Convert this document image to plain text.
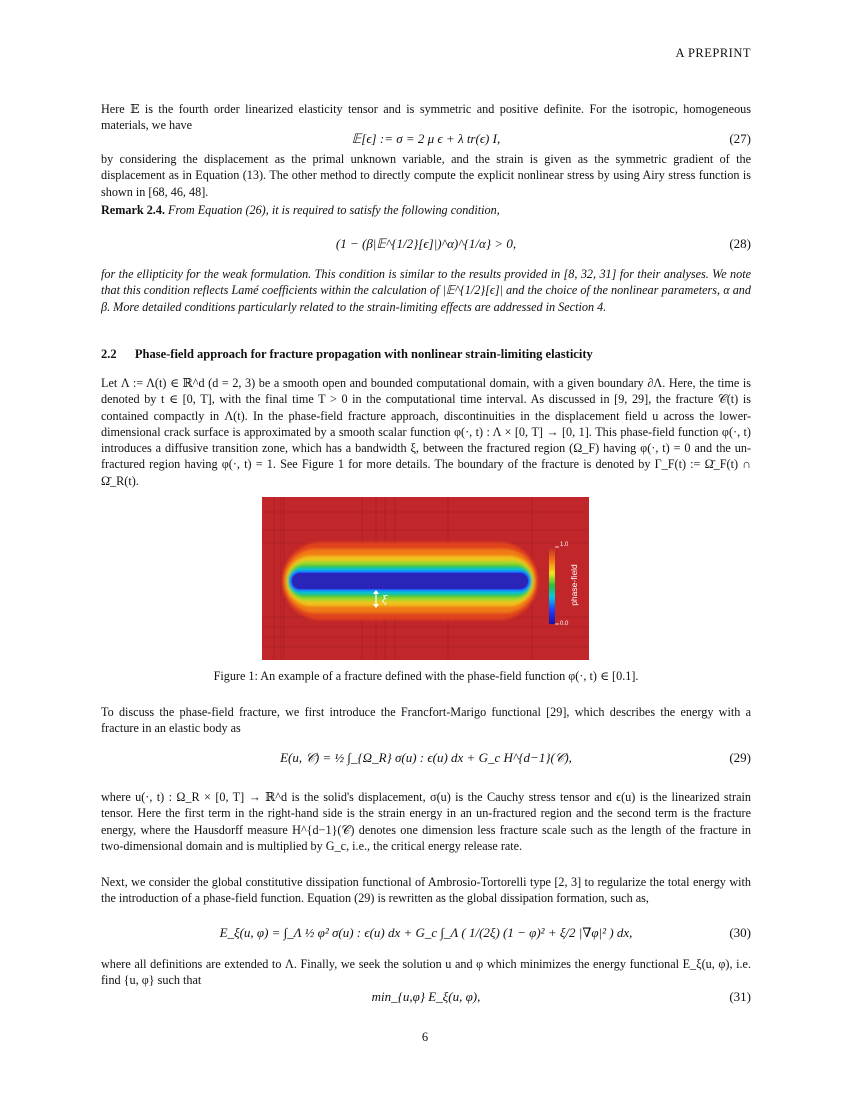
A PREPRINT
Here 𝔼 is the fourth order linearized elasticity tensor and is symmetric and positive definite. For the isotropic, homogeneous materials, we have
𝔼[ϵ] := σ = 2 μ ϵ + λ tr(ϵ) I,	(27)
by considering the displacement as the primal unknown variable, and the strain is given as the symmetric gradient of the displacement as in Equation (13). The other method to directly compute the explicit nonlinear stress by using Airy stress function is shown in [68, 46, 48].
Remark 2.4. From Equation (26), it is required to satisfy the following condition,
(1 − (β|𝔼^{1/2}[ϵ]|)^α)^{1/α} > 0,	(28)
for the ellipticity for the weak formulation. This condition is similar to the results provided in [8, 32, 31] for their analyses. We note that this condition reflects Lamé coefficients within the calculation of |𝔼^{1/2}[ϵ]| and the choice of the nonlinear parameters, α and β. More detailed conditions particularly related to the strain-limiting effects are addressed in Section 4.
2.2 Phase-field approach for fracture propagation with nonlinear strain-limiting elasticity
Let Λ := Λ(t) ∈ ℝ^d (d = 2, 3) be a smooth open and bounded computational domain, with a given boundary ∂Λ. Here, the time is denoted by t ∈ [0, T], with the final time T > 0 in the computational time interval. As discussed in [9, 29], the fracture 𝒞(t) is contained compactly in Λ(t). In the phase-field fracture approach, discontinuities in the displacement field u across the lower-dimensional crack surface is approximated by a smooth scalar function φ(·, t) : Λ × [0, T] → [0, 1]. This phase-field function φ(·, t) introduces a diffusive transition zone, which has a bandwidth ξ, between the fractured region (Ω_F) having φ(·, t) = 0 and the un-fractured region having φ(·, t) = 1. See Figure 1 for more details. The boundary of the fracture is denoted by Γ_F(t) := Ω̄_F(t) ∩ Ω̄_R(t).
ξ
1.0
0.0
phase-field
Figure 1: An example of a fracture defined with the phase-field function φ(·, t) ∈ [0.1].
To discuss the phase-field fracture, we first introduce the Francfort-Marigo functional [29], which describes the energy with a fracture in an elastic body as
E(u, 𝒞) = ½ ∫_{Ω_R} σ(u) : ϵ(u) dx + G_c H^{d−1}(𝒞),	(29)
where u(·, t) : Ω_R × [0, T] → ℝ^d is the solid's displacement, σ(u) is the Cauchy stress tensor and ϵ(u) is the linearized strain tensor. Here the first term in the right-hand side is the strain energy in an un-fractured region and the second term is the fracture energy, where the Hausdorff measure H^{d−1}(𝒞) denotes one dimension less fracture scale such as the length of the fracture in two-dimensional domain and is multiplied by G_c, i.e., the critical energy release rate.
Next, we consider the global constitutive dissipation functional of Ambrosio-Tortorelli type [2, 3] to regularize the total energy with the introduction of a phase-field function. Equation (29) is rewritten as the global dissipation formation, such as,
E_ξ(u, φ) = ∫_Λ ½ φ² σ(u) : ϵ(u) dx + G_c ∫_Λ ( 1/(2ξ) (1 − φ)² + ξ/2 |∇φ|² ) dx,	(30)
where all definitions are extended to Λ. Finally, we seek the solution u and φ which minimizes the energy functional E_ξ(u, φ), i.e. find {u, φ} such that
min_{u,φ} E_ξ(u, φ),	(31)
6
